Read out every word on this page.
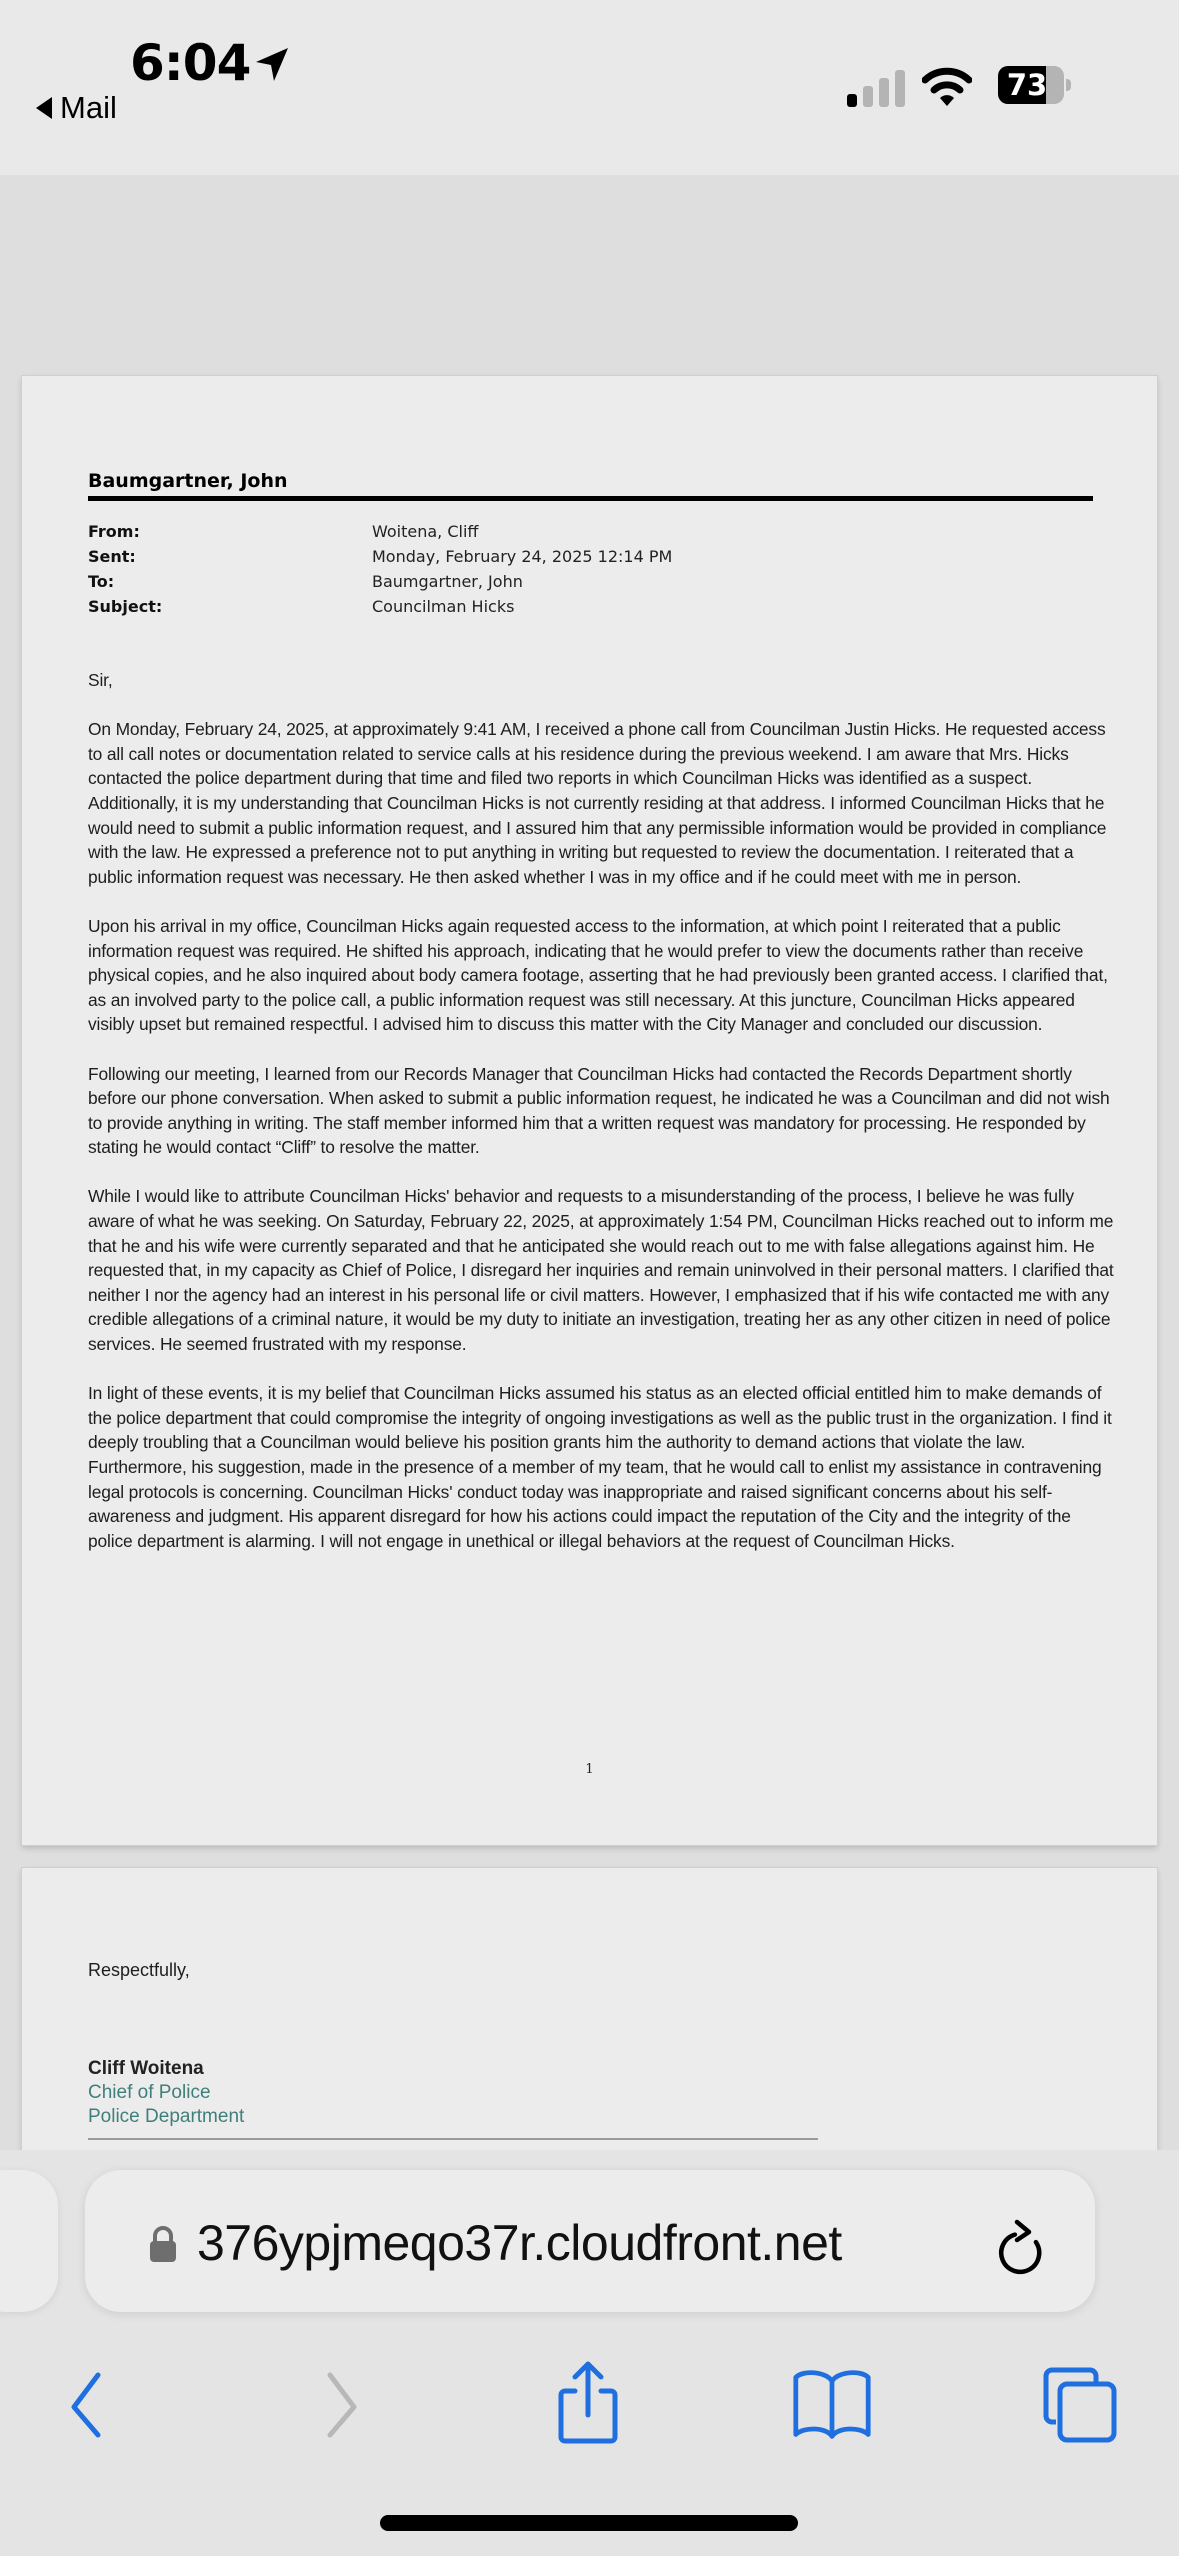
6:04
Mail
73
Baumgartner, John
From:	Woitena, Cliff
Sent:	Monday, February 24, 2025 12:14 PM
To:	Baumgartner, John
Subject:	Councilman Hicks

Sir,

On Monday, February 24, 2025, at approximately 9:41 AM, I received a phone call from Councilman Justin Hicks. He requested access to all call notes or documentation related to service calls at his residence during the previous weekend. I am aware that Mrs. Hicks contacted the police department during that time and filed two reports in which Councilman Hicks was identified as a suspect. Additionally, it is my understanding that Councilman Hicks is not currently residing at that address. I informed Councilman Hicks that he would need to submit a public information request, and I assured him that any permissible information would be provided in compliance with the law. He expressed a preference not to put anything in writing but requested to review the documentation. I reiterated that a public information request was necessary. He then asked whether I was in my office and if he could meet with me in person.

Upon his arrival in my office, Councilman Hicks again requested access to the information, at which point I reiterated that a public information request was required. He shifted his approach, indicating that he would prefer to view the documents rather than receive physical copies, and he also inquired about body camera footage, asserting that he had previously been granted access. I clarified that, as an involved party to the police call, a public information request was still necessary. At this juncture, Councilman Hicks appeared visibly upset but remained respectful. I advised him to discuss this matter with the City Manager and concluded our discussion.

Following our meeting, I learned from our Records Manager that Councilman Hicks had contacted the Records Department shortly before our phone conversation. When asked to submit a public information request, he indicated he was a Councilman and did not wish to provide anything in writing. The staff member informed him that a written request was mandatory for processing. He responded by stating he would contact “Cliff” to resolve the matter.

While I would like to attribute Councilman Hicks' behavior and requests to a misunderstanding of the process, I believe he was fully aware of what he was seeking. On Saturday, February 22, 2025, at approximately 1:54 PM, Councilman Hicks reached out to inform me that he and his wife were currently separated and that he anticipated she would reach out to me with false allegations against him. He requested that, in my capacity as Chief of Police, I disregard her inquiries and remain uninvolved in their personal matters. I clarified that neither I nor the agency had an interest in his personal life or civil matters. However, I emphasized that if his wife contacted me with any credible allegations of a criminal nature, it would be my duty to initiate an investigation, treating her as any other citizen in need of police services. He seemed frustrated with my response.

In light of these events, it is my belief that Councilman Hicks assumed his status as an elected official entitled him to make demands of the police department that could compromise the integrity of ongoing investigations as well as the public trust in the organization. I find it deeply troubling that a Councilman would believe his position grants him the authority to demand actions that violate the law. Furthermore, his suggestion, made in the presence of a member of my team, that he would call to enlist my assistance in contravening legal protocols is concerning. Councilman Hicks' conduct today was inappropriate and raised significant concerns about his self-awareness and judgment. His apparent disregard for how his actions could impact the reputation of the City and the integrity of the police department is alarming. I will not engage in unethical or illegal behaviors at the request of Councilman Hicks.

1
Respectfully,
Cliff Woitena
Chief of Police
Police Department
376ypjmeqo37r.cloudfront.net
